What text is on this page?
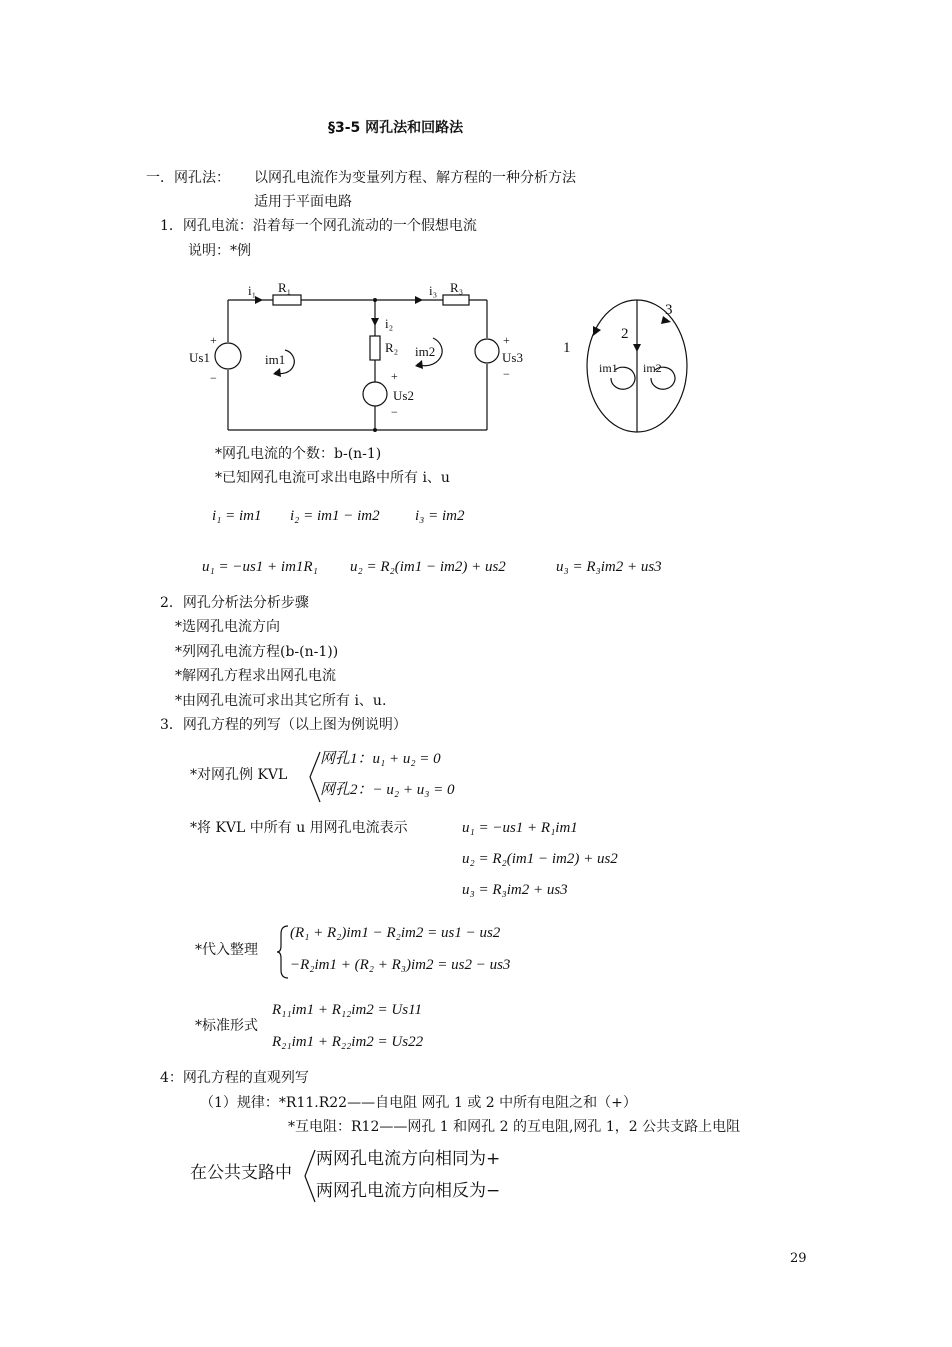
§3-5 网孔法和回路法
一．网孔法： 以网孔电流作为变量列方程、解方程的一种分析方法
适用于平面电路
1．网孔电流：沿着每一个网孔流动的一个假想电流
说明：*例
i₁ R₁	i₃ R₃
i₂
R₂
Us1
+
−
Us2
+
−
Us3
+
−
im1
im2	1
2
3
im1 im2
*网孔电流的个数：b-(n-1)
*已知网孔电流可求出电路中所有 i、u
i₁ = im1 i₂ = im1 − im2 i₃ = im2
u₁ = −us1 + im1R₁ u₂ = R₂(im1 − im2) + us2	u₃ = R₃im2 + us3
2．网孔分析法分析步骤
*选网孔电流方向
*列网孔电流方程(b-(n-1))
*解网孔方程求出网孔电流
*由网孔电流可求出其它所有 i、u.
3．网孔方程的列写（以上图为例说明）
*对网孔例 KVL
网孔1：u₁ + u₂ = 0
网孔2：− u₂ + u₃ = 0
*将 KVL 中所有 u 用网孔电流表示	u₁ = −us1 + R₁im1
u₂ = R₂(im1 − im2) + us2
u₃ = R₃im2 + us3
*代入整理
(R₁ + R₂)im1 − R₂im2 = us1 − us2
−R₂im1 + (R₂ + R₃)im2 = us2 − us3
*标准形式
R₁₁im1 + R₁₂im2 = Us11
R₂₁im1 + R₂₂im2 = Us22
4：网孔方程的直观列写
（1）规律：*R11.R22——自电阻 网孔 1 或 2 中所有电阻之和（+）
*互电阻：R12——网孔 1 和网孔 2 的互电阻,网孔 1，2 公共支路上电阻
在公共支路中
两网孔电流方向相同为+
两网孔电流方向相反为−
29
